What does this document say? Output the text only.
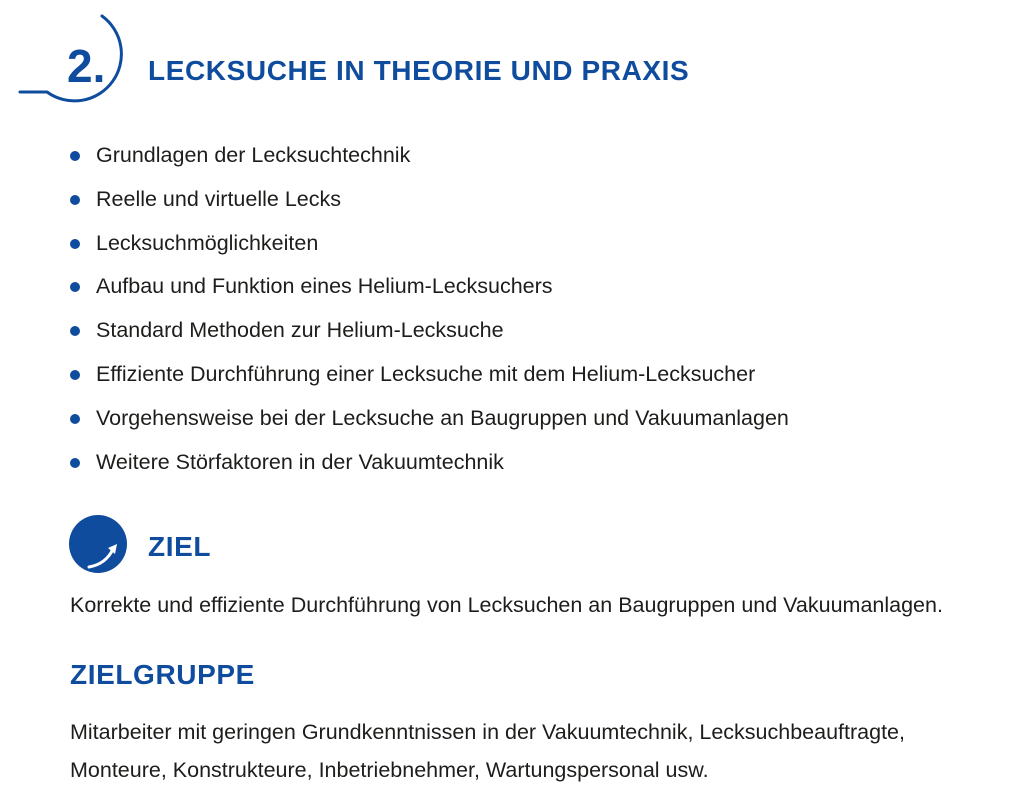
2. LECKSUCHE IN THEORIE UND PRAXIS
Grundlagen der Lecksuchtechnik
Reelle und virtuelle Lecks
Lecksuchmöglichkeiten
Aufbau und Funktion eines Helium-Lecksuchers
Standard Methoden zur Helium-Lecksuche
Effiziente Durchführung einer Lecksuche mit dem Helium-Lecksucher
Vorgehensweise bei der Lecksuche an Baugruppen und Vakuumanlagen
Weitere Störfaktoren in der Vakuumtechnik
ZIEL
Korrekte und effiziente Durchführung von Lecksuchen an Baugruppen und Vakuumanlagen.
ZIELGRUPPE
Mitarbeiter mit geringen Grundkenntnissen in der Vakuumtechnik, Lecksuchbeauftragte, Monteure, Konstrukteure, Inbetriebnehmer, Wartungspersonal usw.
